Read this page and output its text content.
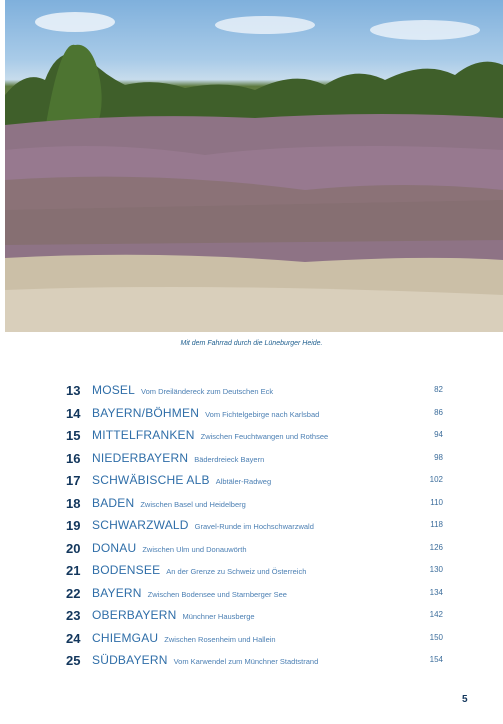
Mit dem Fahrrad durch die Lüneburger Heide.
13 MOSEL Vom Dreiländereck zum Deutschen Eck	82
14 BAYERN/BÖHMEN Vom Fichtelgebirge nach Karlsbad	86
15 MITTELFRANKEN Zwischen Feuchtwangen und Rothsee	94
16 NIEDERBAYERN Bäderdreieck Bayern	98
17 SCHWÄBISCHE ALB Albtäler-Radweg	102
18 BADEN Zwischen Basel und Heidelberg	110
19 SCHWARZWALD Gravel-Runde im Hochschwarzwald	118
20 DONAU Zwischen Ulm und Donauwörth	126
21 BODENSEE An der Grenze zu Schweiz und Österreich	130
22 BAYERN Zwischen Bodensee und Starnberger See	134
23 OBERBAYERN Münchner Hausberge	142
24 CHIEMGAU Zwischen Rosenheim und Hallein	150
25 SÜDBAYERN Vom Karwendel zum Münchner Stadtstrand	154
5
